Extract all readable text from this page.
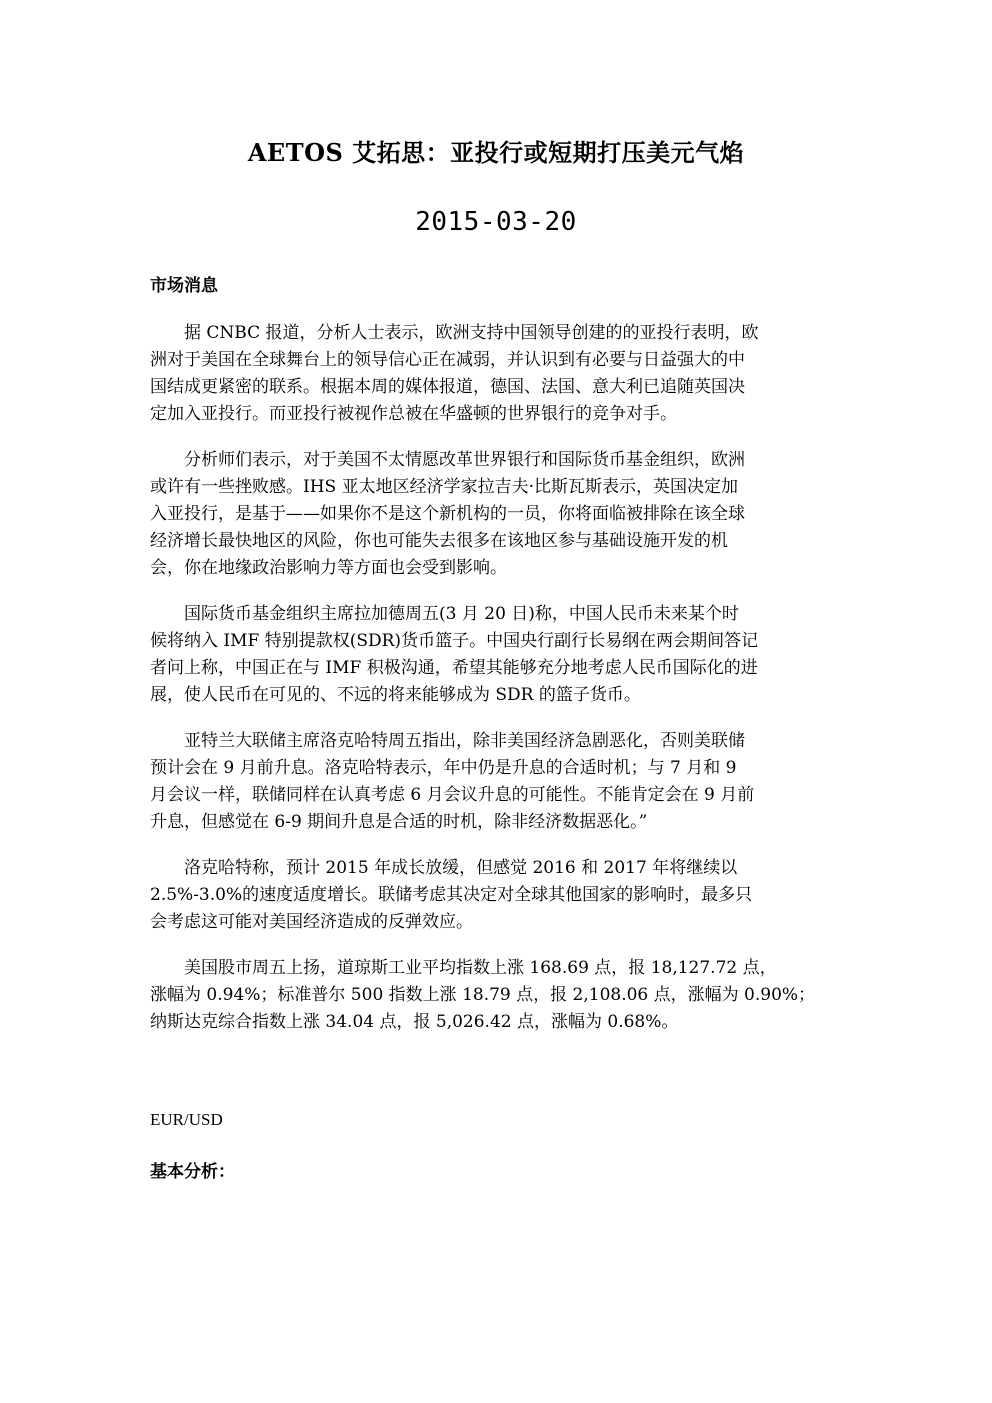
AETOS 艾拓思：亚投行或短期打压美元气焰
2015-03-20
市场消息

　　据 CNBC 报道，分析人士表示，欧洲支持中国领导创建的的亚投行表明，欧
洲对于美国在全球舞台上的领导信心正在减弱，并认识到有必要与日益强大的中
国结成更紧密的联系。根据本周的媒体报道，德国、法国、意大利已追随英国决
定加入亚投行。而亚投行被视作总被在华盛顿的世界银行的竞争对手。

　　分析师们表示，对于美国不太情愿改革世界银行和国际货币基金组织，欧洲
或许有一些挫败感。IHS 亚太地区经济学家拉吉夫·比斯瓦斯表示，英国决定加
入亚投行，是基于——如果你不是这个新机构的一员，你将面临被排除在该全球
经济增长最快地区的风险，你也可能失去很多在该地区参与基础设施开发的机
会，你在地缘政治影响力等方面也会受到影响。

　　国际货币基金组织主席拉加德周五(3 月 20 日)称，中国人民币未来某个时
候将纳入 IMF 特别提款权(SDR)货币篮子。中国央行副行长易纲在两会期间答记
者问上称，中国正在与 IMF 积极沟通，希望其能够充分地考虑人民币国际化的进
展，使人民币在可见的、不远的将来能够成为 SDR 的篮子货币。

　　亚特兰大联储主席洛克哈特周五指出，除非美国经济急剧恶化，否则美联储
预计会在 9 月前升息。洛克哈特表示，年中仍是升息的合适时机；与 7 月和 9
月会议一样，联储同样在认真考虑 6 月会议升息的可能性。不能肯定会在 9 月前
升息，但感觉在 6-9 期间升息是合适的时机，除非经济数据恶化。”

　　洛克哈特称，预计 2015 年成长放缓，但感觉 2016 和 2017 年将继续以
2.5%-3.0%的速度适度增长。联储考虑其决定对全球其他国家的影响时，最多只
会考虑这可能对美国经济造成的反弹效应。

　　美国股市周五上扬，道琼斯工业平均指数上涨 168.69 点，报 18,127.72 点，
涨幅为 0.94%；标准普尔 500 指数上涨 18.79 点，报 2,108.06 点，涨幅为 0.90%；
纳斯达克综合指数上涨 34.04 点，报 5,026.42 点，涨幅为 0.68%。

EUR/USD
基本分析：
